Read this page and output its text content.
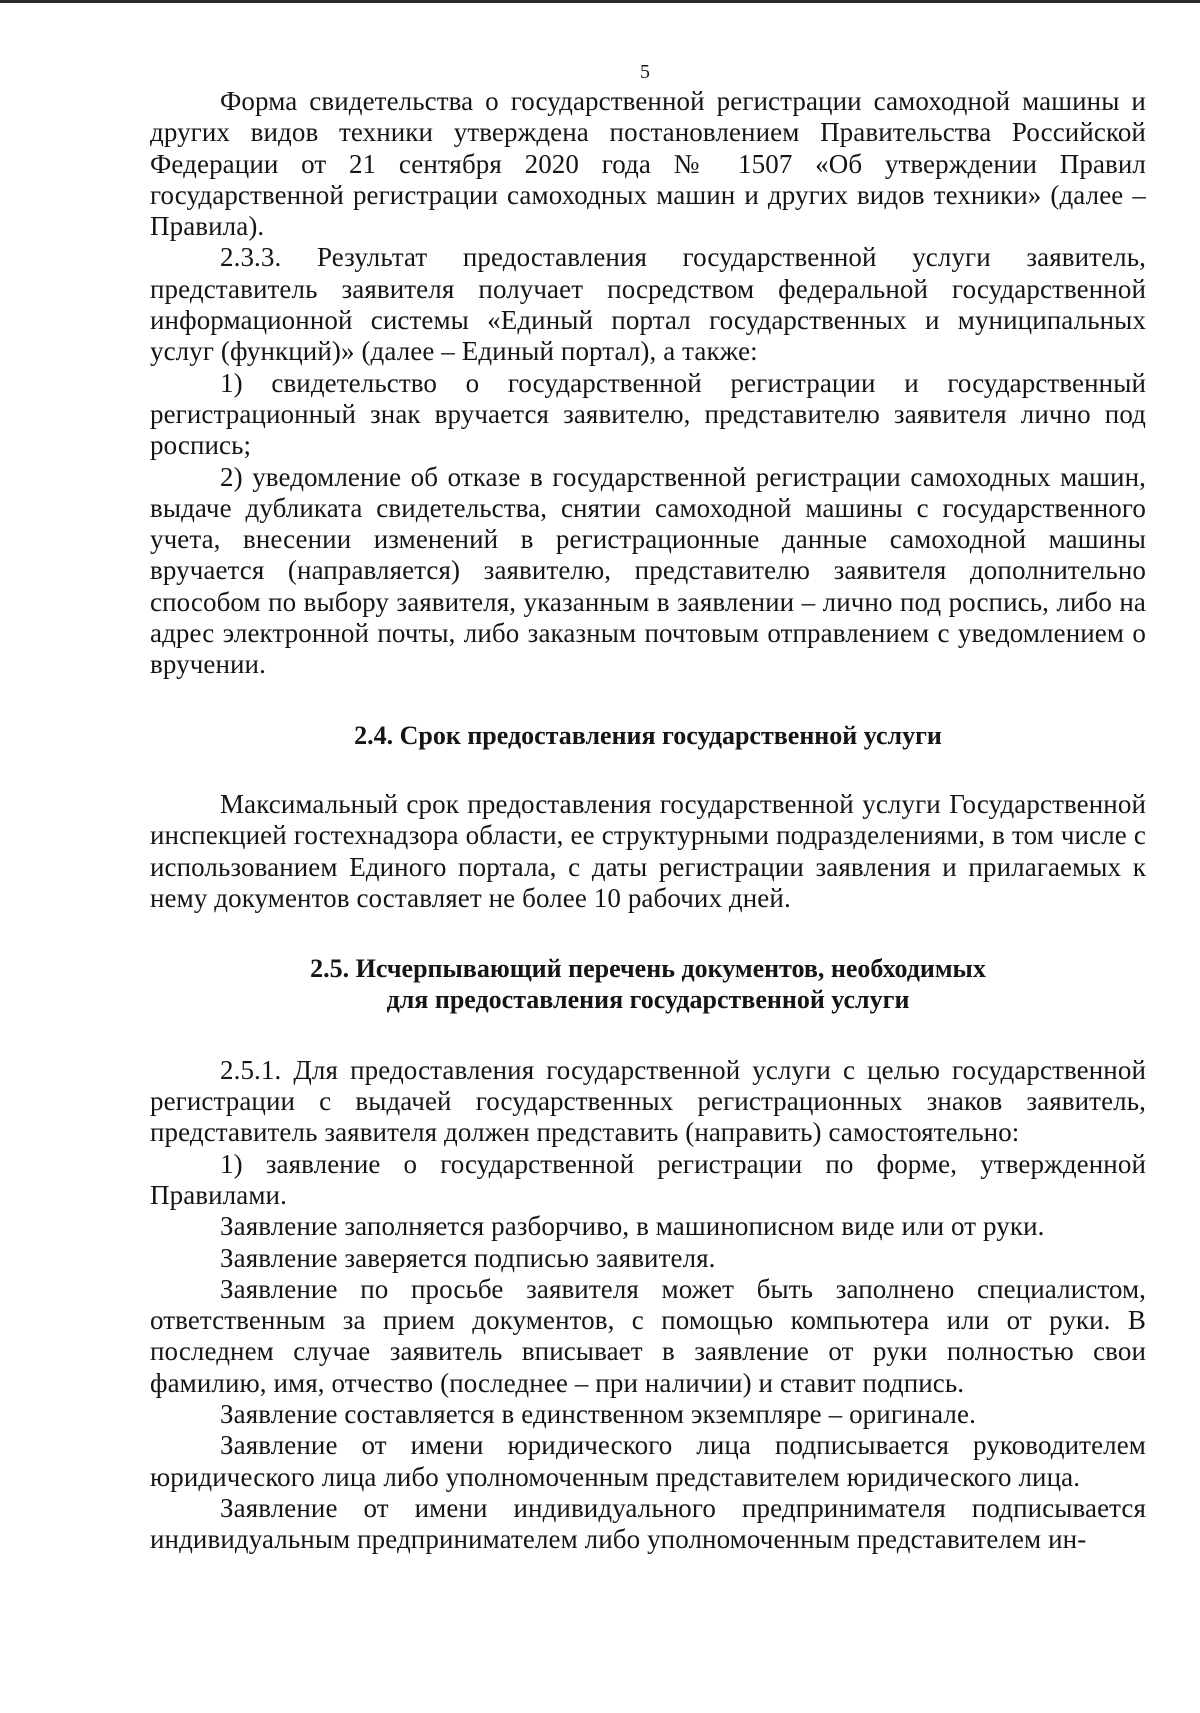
5

Форма свидетельства о государственной регистрации самоходной машины и других видов техники утверждена постановлением Правительства Российской Федерации от 21 сентября 2020 года № 1507 «Об утверждении Правил государственной регистрации самоходных машин и других видов техники» (далее – Правила).

2.3.3. Результат предоставления государственной услуги заявитель, представитель заявителя получает посредством федеральной государственной информационной системы «Единый портал государственных и муниципальных услуг (функций)» (далее – Единый портал), а также:

1) свидетельство о государственной регистрации и государственный регистрационный знак вручается заявителю, представителю заявителя лично под роспись;

2) уведомление об отказе в государственной регистрации самоходных машин, выдаче дубликата свидетельства, снятии самоходной машины с государственного учета, внесении изменений в регистрационные данные самоходной машины вручается (направляется) заявителю, представителю заявителя дополнительно способом по выбору заявителя, указанным в заявлении – лично под роспись, либо на адрес электронной почты, либо заказным почтовым отправлением с уведомлением о вручении.

2.4. Срок предоставления государственной услуги

Максимальный срок предоставления государственной услуги Государственной инспекцией гостехнадзора области, ее структурными подразделениями, в том числе с использованием Единого портала, с даты регистрации заявления и прилагаемых к нему документов составляет не более 10 рабочих дней.

2.5. Исчерпывающий перечень документов, необходимых
для предоставления государственной услуги

2.5.1. Для предоставления государственной услуги с целью государственной регистрации с выдачей государственных регистрационных знаков заявитель, представитель заявителя должен представить (направить) самостоятельно:

1) заявление о государственной регистрации по форме, утвержденной Правилами.

Заявление заполняется разборчиво, в машинописном виде или от руки.

Заявление заверяется подписью заявителя.

Заявление по просьбе заявителя может быть заполнено специалистом, ответственным за прием документов, с помощью компьютера или от руки. В последнем случае заявитель вписывает в заявление от руки полностью свои фамилию, имя, отчество (последнее – при наличии) и ставит подпись.

Заявление составляется в единственном экземпляре – оригинале.

Заявление от имени юридического лица подписывается руководителем юридического лица либо уполномоченным представителем юридического лица.

Заявление от имени индивидуального предпринимателя подписывается индивидуальным предпринимателем либо уполномоченным представителем ин-
